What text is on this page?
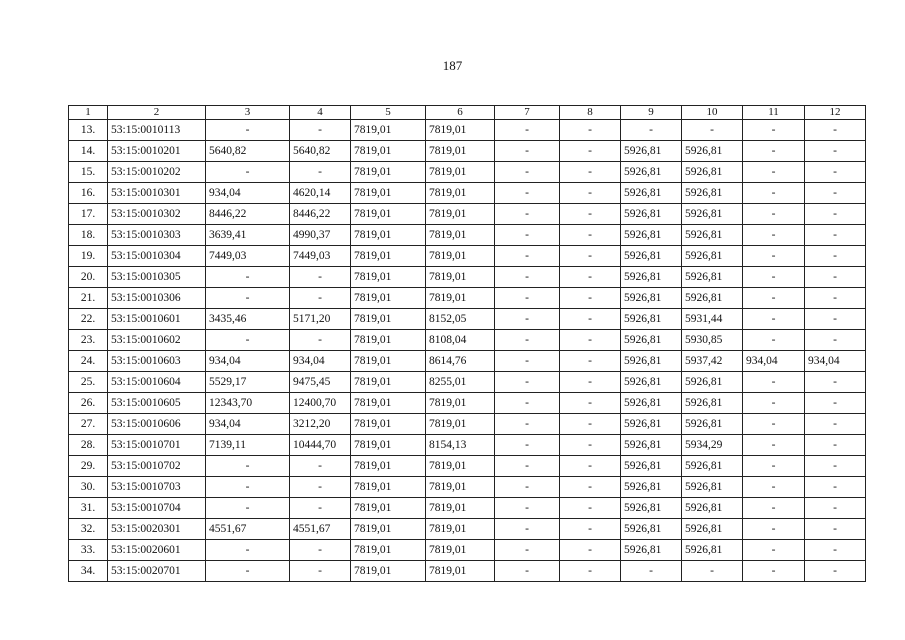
187
1	2	3	4	5	6	7	8	9	10	11	12
13.	53:15:0010113	-	-	7819,01	7819,01	-	-	-	-	-	-
14.	53:15:0010201	5640,82	5640,82	7819,01	7819,01	-	-	5926,81	5926,81	-	-
15.	53:15:0010202	-	-	7819,01	7819,01	-	-	5926,81	5926,81	-	-
16.	53:15:0010301	934,04	4620,14	7819,01	7819,01	-	-	5926,81	5926,81	-	-
17.	53:15:0010302	8446,22	8446,22	7819,01	7819,01	-	-	5926,81	5926,81	-	-
18.	53:15:0010303	3639,41	4990,37	7819,01	7819,01	-	-	5926,81	5926,81	-	-
19.	53:15:0010304	7449,03	7449,03	7819,01	7819,01	-	-	5926,81	5926,81	-	-
20.	53:15:0010305	-	-	7819,01	7819,01	-	-	5926,81	5926,81	-	-
21.	53:15:0010306	-	-	7819,01	7819,01	-	-	5926,81	5926,81	-	-
22.	53:15:0010601	3435,46	5171,20	7819,01	8152,05	-	-	5926,81	5931,44	-	-
23.	53:15:0010602	-	-	7819,01	8108,04	-	-	5926,81	5930,85	-	-
24.	53:15:0010603	934,04	934,04	7819,01	8614,76	-	-	5926,81	5937,42	934,04	934,04
25.	53:15:0010604	5529,17	9475,45	7819,01	8255,01	-	-	5926,81	5926,81	-	-
26.	53:15:0010605	12343,70	12400,70	7819,01	7819,01	-	-	5926,81	5926,81	-	-
27.	53:15:0010606	934,04	3212,20	7819,01	7819,01	-	-	5926,81	5926,81	-	-
28.	53:15:0010701	7139,11	10444,70	7819,01	8154,13	-	-	5926,81	5934,29	-	-
29.	53:15:0010702	-	-	7819,01	7819,01	-	-	5926,81	5926,81	-	-
30.	53:15:0010703	-	-	7819,01	7819,01	-	-	5926,81	5926,81	-	-
31.	53:15:0010704	-	-	7819,01	7819,01	-	-	5926,81	5926,81	-	-
32.	53:15:0020301	4551,67	4551,67	7819,01	7819,01	-	-	5926,81	5926,81	-	-
33.	53:15:0020601	-	-	7819,01	7819,01	-	-	5926,81	5926,81	-	-
34.	53:15:0020701	-	-	7819,01	7819,01	-	-	-	-	-	-
